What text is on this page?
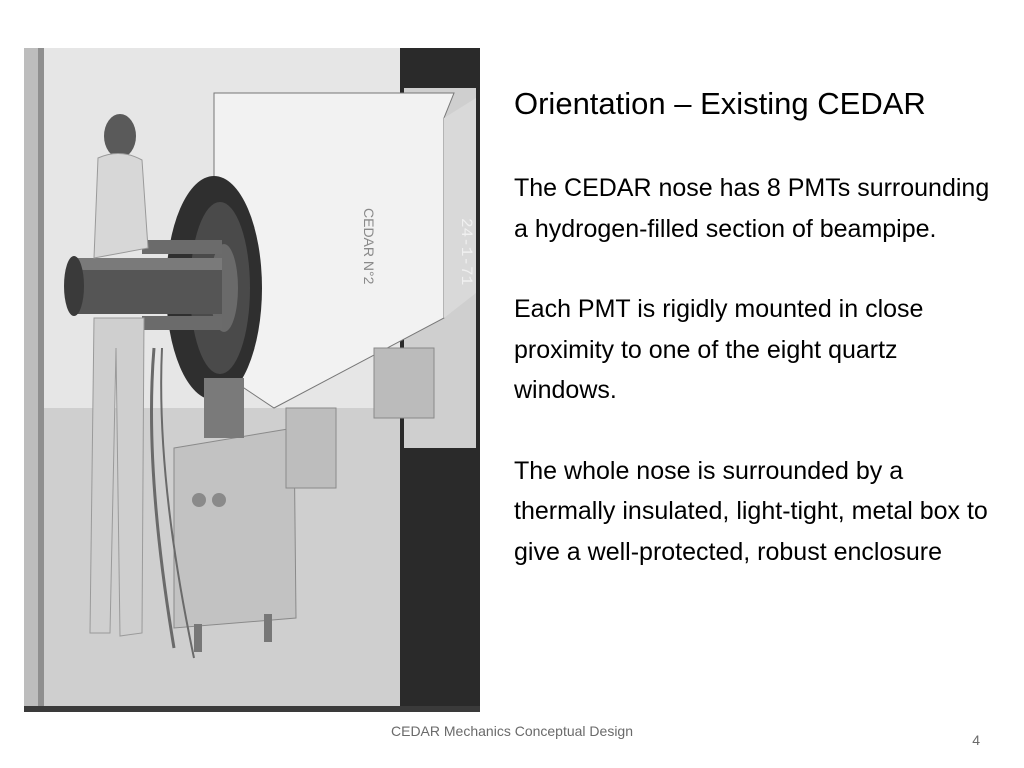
CEDAR N°2	24-1-71
Orientation – Existing CEDAR

The CEDAR nose has 8 PMTs surrounding a hydrogen-filled section of beampipe.

Each PMT is rigidly mounted in close proximity to one of the eight quartz windows.

The whole nose is surrounded by a thermally insulated, light-tight, metal box to give a well-protected, robust enclosure

CEDAR Mechanics Conceptual Design
4
